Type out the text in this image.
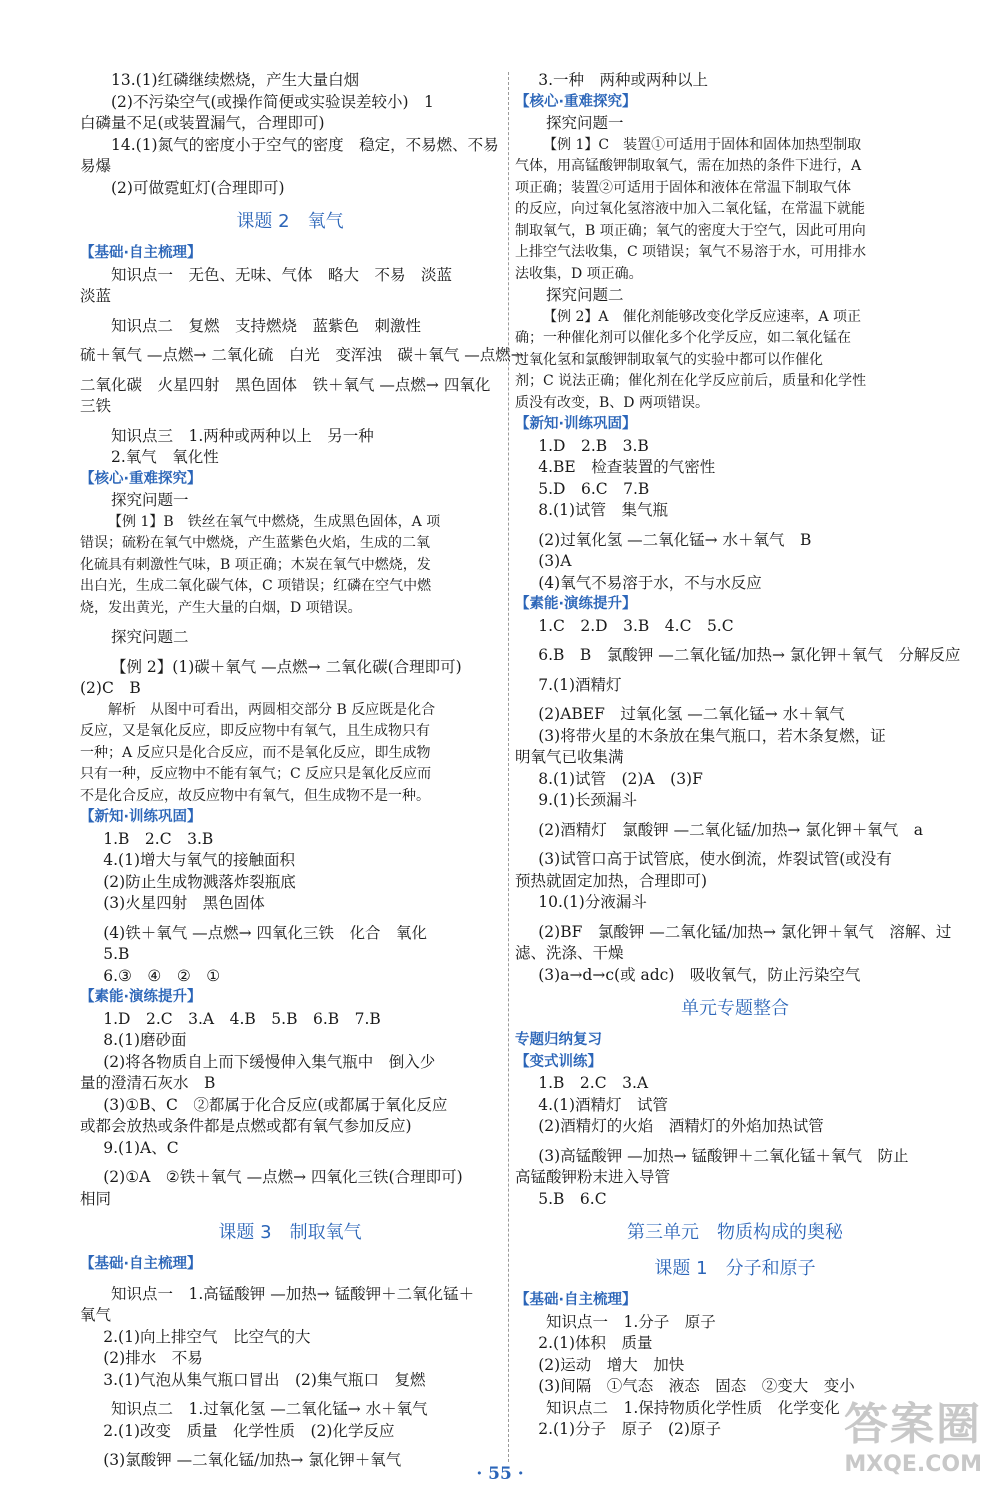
13.(1)红磷继续燃烧，产生大量白烟
(2)不污染空气(或操作简便或实验误差较小)　1
白磷量不足(或装置漏气，合理即可)
14.(1)氮气的密度小于空气的密度　稳定，不易燃、不易
易爆
(2)可做霓虹灯(合理即可)
课题 2　氧气
【基础·自主梳理】
知识点一　无色、无味、气体　略大　不易　淡蓝
淡蓝
知识点二　复燃　支持燃烧　蓝紫色　刺激性
硫＋氧气 —点燃→ 二氧化硫　白光　变浑浊　碳＋氧气 —点燃→
二氧化碳　火星四射　黑色固体　铁＋氧气 —点燃→ 四氧化
三铁
知识点三　1.两种或两种以上　另一种
2.氧气　氧化性
【核心·重难探究】
探究问题一
【例 1】B　铁丝在氧气中燃烧，生成黑色固体，A 项
错误；硫粉在氧气中燃烧，产生蓝紫色火焰，生成的二氧
化硫具有刺激性气味，B 项正确；木炭在氧气中燃烧，发
出白光，生成二氧化碳气体，C 项错误；红磷在空气中燃
烧，发出黄光，产生大量的白烟，D 项错误。
探究问题二
【例 2】(1)碳＋氧气 —点燃→ 二氧化碳(合理即可)
(2)C　B
解析　从图中可看出，两圆相交部分 B 反应既是化合
反应，又是氧化反应，即反应物中有氧气，且生成物只有
一种；A 反应只是化合反应，而不是氧化反应，即生成物
只有一种，反应物中不能有氧气；C 反应只是氧化反应而
不是化合反应，故反应物中有氧气，但生成物不是一种。
【新知·训练巩固】
1.B　2.C　3.B
4.(1)增大与氧气的接触面积
(2)防止生成物溅落炸裂瓶底
(3)火星四射　黑色固体
(4)铁＋氧气 —点燃→ 四氧化三铁　化合　氧化
5.B
6.③　④　②　①
【素能·演练提升】
1.D　2.C　3.A　4.B　5.B　6.B　7.B
8.(1)磨砂面
(2)将各物质自上而下缓慢伸入集气瓶中　倒入少
量的澄清石灰水　B
(3)①B、C　②都属于化合反应(或都属于氧化反应
或都会放热或条件都是点燃或都有氧气参加反应)
9.(1)A、C
(2)①A　②铁＋氧气 —点燃→ 四氧化三铁(合理即可)
相同
课题 3　制取氧气
【基础·自主梳理】
知识点一　1.高锰酸钾 —加热→ 锰酸钾＋二氧化锰＋
氧气
2.(1)向上排空气　比空气的大
(2)排水　不易
3.(1)气泡从集气瓶口冒出　(2)集气瓶口　复燃
知识点二　1.过氧化氢 —二氧化锰→ 水＋氧气
2.(1)改变　质量　化学性质　(2)化学反应
(3)氯酸钾 —二氧化锰/加热→ 氯化钾＋氧气
3.一种　两种或两种以上
【核心·重难探究】
探究问题一
【例 1】C　装置①可适用于固体和固体加热型制取
气体，用高锰酸钾制取氧气，需在加热的条件下进行，A
项正确；装置②可适用于固体和液体在常温下制取气体
的反应，向过氧化氢溶液中加入二氧化锰，在常温下就能
制取氧气，B 项正确；氧气的密度大于空气，因此可用向
上排空气法收集，C 项错误；氧气不易溶于水，可用排水
法收集，D 项正确。
探究问题二
【例 2】A　催化剂能够改变化学反应速率，A 项正
确；一种催化剂可以催化多个化学反应，如二氧化锰在
过氧化氢和氯酸钾制取氧气的实验中都可以作催化
剂；C 说法正确；催化剂在化学反应前后，质量和化学性
质没有改变，B、D 两项错误。
【新知·训练巩固】
1.D　2.B　3.B
4.BE　检查装置的气密性
5.D　6.C　7.B
8.(1)试管　集气瓶
(2)过氧化氢 —二氧化锰→ 水＋氧气　B
(3)A
(4)氧气不易溶于水，不与水反应
【素能·演练提升】
1.C　2.D　3.B　4.C　5.C
6.B　B　氯酸钾 —二氧化锰/加热→ 氯化钾＋氧气　分解反应
7.(1)酒精灯
(2)ABEF　过氧化氢 —二氧化锰→ 水＋氧气
(3)将带火星的木条放在集气瓶口，若木条复燃，证
明氧气已收集满
8.(1)试管　(2)A　(3)F
9.(1)长颈漏斗
(2)酒精灯　氯酸钾 —二氧化锰/加热→ 氯化钾＋氧气　a
(3)试管口高于试管底，使水倒流，炸裂试管(或没有
预热就固定加热，合理即可)
10.(1)分液漏斗
(2)BF　氯酸钾 —二氧化锰/加热→ 氯化钾＋氧气　溶解、过
滤、洗涤、干燥
(3)a→d→c(或 adc)　吸收氧气，防止污染空气
单元专题整合
专题归纳复习
【变式训练】
1.B　2.C　3.A
4.(1)酒精灯　试管
(2)酒精灯的火焰　酒精灯的外焰加热试管
(3)高锰酸钾 —加热→ 锰酸钾＋二氧化锰＋氧气　防止
高锰酸钾粉末进入导管
5.B　6.C
第三单元　物质构成的奥秘
课题 1　分子和原子
【基础·自主梳理】
知识点一　1.分子　原子
2.(1)体积　质量
(2)运动　增大　加快
(3)间隔　①气态　液态　固态　②变大　变小
知识点二　1.保持物质化学性质　化学变化
2.(1)分子　原子　(2)原子
· 55 ·
答案圈
MXQE.COM
